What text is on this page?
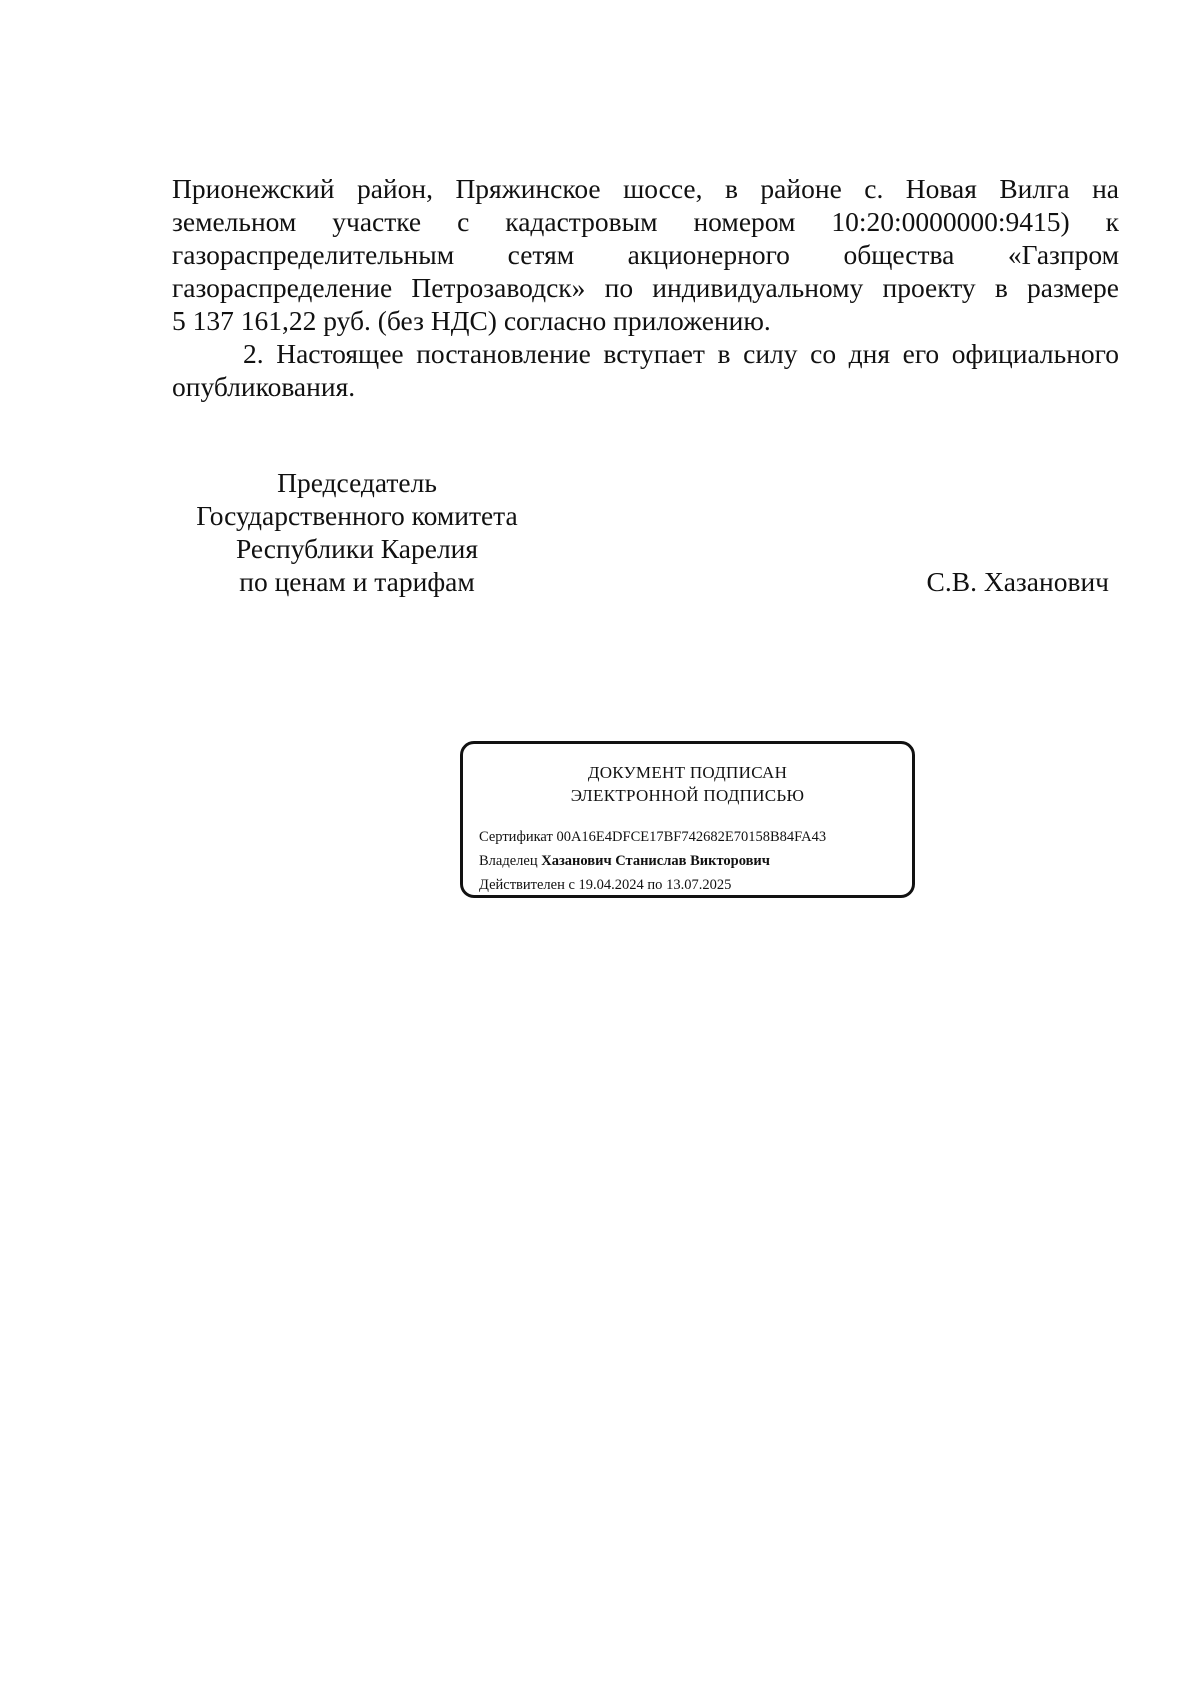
Прионежский район, Пряжинское шоссе, в районе с. Новая Вилга на
земельном участке с кадастровым номером 10:20:0000000:9415) к
газораспределительным сетям акционерного общества «Газпром
газораспределение Петрозаводск» по индивидуальному проекту в размере
5 137 161,22 руб. (без НДС) согласно приложению.

2. Настоящее постановление вступает в силу со дня его официального
опубликования.

Председатель
Государственного комитета
Республики Карелия
по ценам и тарифам	С.В. Хазанович
ДОКУМЕНТ ПОДПИСАН
ЭЛЕКТРОННОЙ ПОДПИСЬЮ
Сертификат 00A16E4DFCE17BF742682E70158B84FA43
Владелец Хазанович Станислав Викторович
Действителен с 19.04.2024 по 13.07.2025
